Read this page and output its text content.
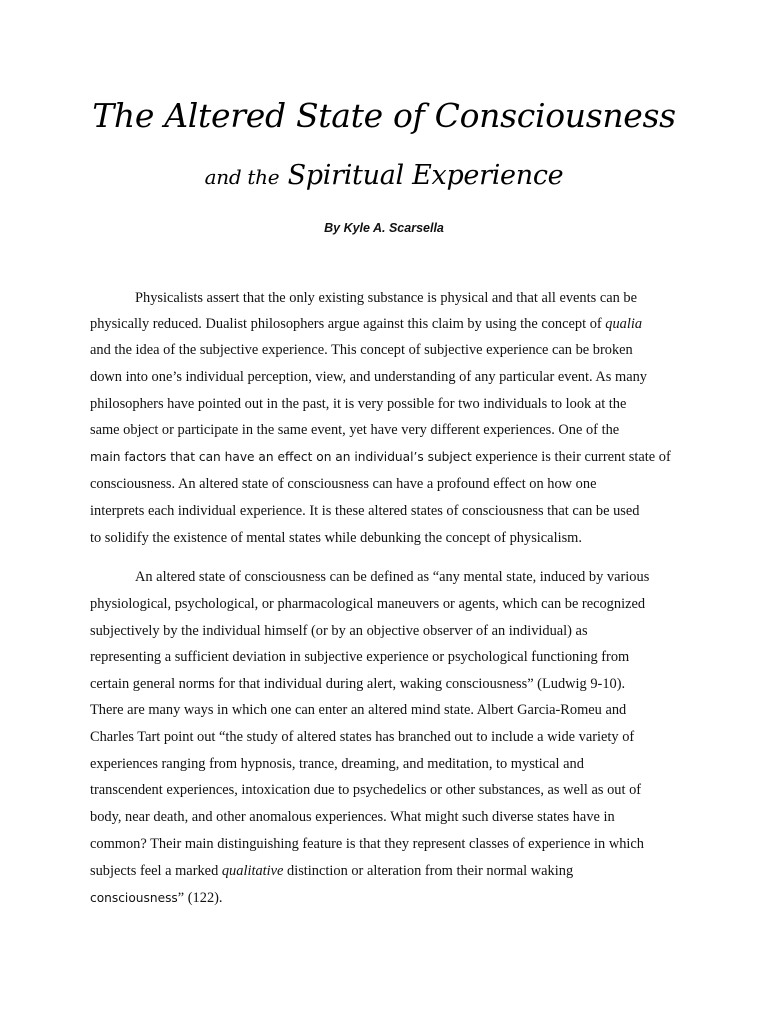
The Altered State of Consciousness
and the Spiritual Experience
By Kyle A. Scarsella
Physicalists assert that the only existing substance is physical and that all events can be
physically reduced. Dualist philosophers argue against this claim by using the concept of qualia
and the idea of the subjective experience. This concept of subjective experience can be broken
down into one’s individual perception, view, and understanding of any particular event. As many
philosophers have pointed out in the past, it is very possible for two individuals to look at the
same object or participate in the same event, yet have very different experiences. One of the
main factors that can have an effect on an individual’s subject experience is their current state of
consciousness. An altered state of consciousness can have a profound effect on how one
interprets each individual experience. It is these altered states of consciousness that can be used
to solidify the existence of mental states while debunking the concept of physicalism.
An altered state of consciousness can be defined as “any mental state, induced by various
physiological, psychological, or pharmacological maneuvers or agents, which can be recognized
subjectively by the individual himself (or by an objective observer of an individual) as
representing a sufficient deviation in subjective experience or psychological functioning from
certain general norms for that individual during alert, waking consciousness” (Ludwig 9-10).
There are many ways in which one can enter an altered mind state. Albert Garcia-Romeu and
Charles Tart point out “the study of altered states has branched out to include a wide variety of
experiences ranging from hypnosis, trance, dreaming, and meditation, to mystical and
transcendent experiences, intoxication due to psychedelics or other substances, as well as out of
body, near death, and other anomalous experiences. What might such diverse states have in
common? Their main distinguishing feature is that they represent classes of experience in which
subjects feel a marked qualitative distinction or alteration from their normal waking
consciousness” (122).
